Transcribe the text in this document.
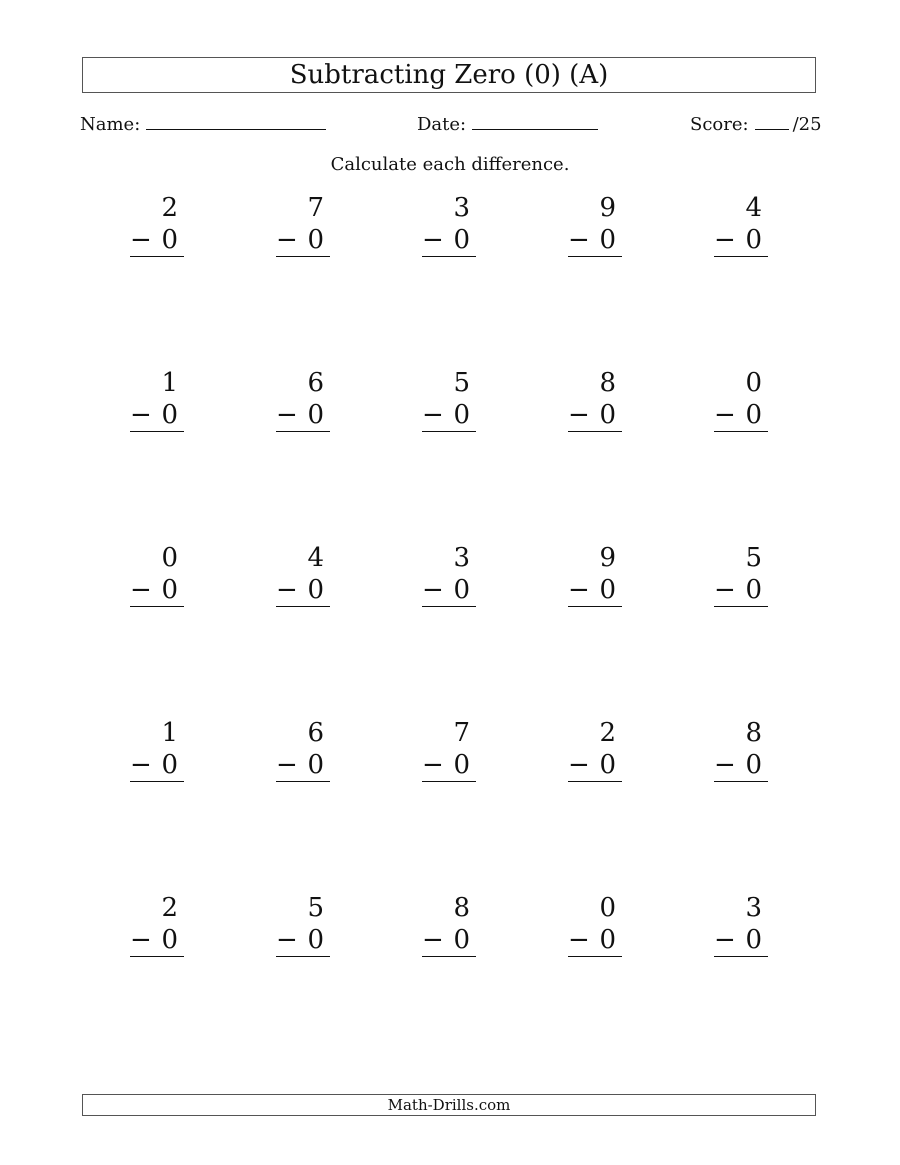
Subtracting Zero (0) (A)
Name:	Date:	Score: /25
Calculate each difference.
2
− 0
7
− 0
3
− 0
9
− 0
4
− 0
1
− 0
6
− 0
5
− 0
8
− 0
0
− 0
0
− 0
4
− 0
3
− 0
9
− 0
5
− 0
1
− 0
6
− 0
7
− 0
2
− 0
8
− 0
2
− 0
5
− 0
8
− 0
0
− 0
3
− 0
Math-Drills.com
